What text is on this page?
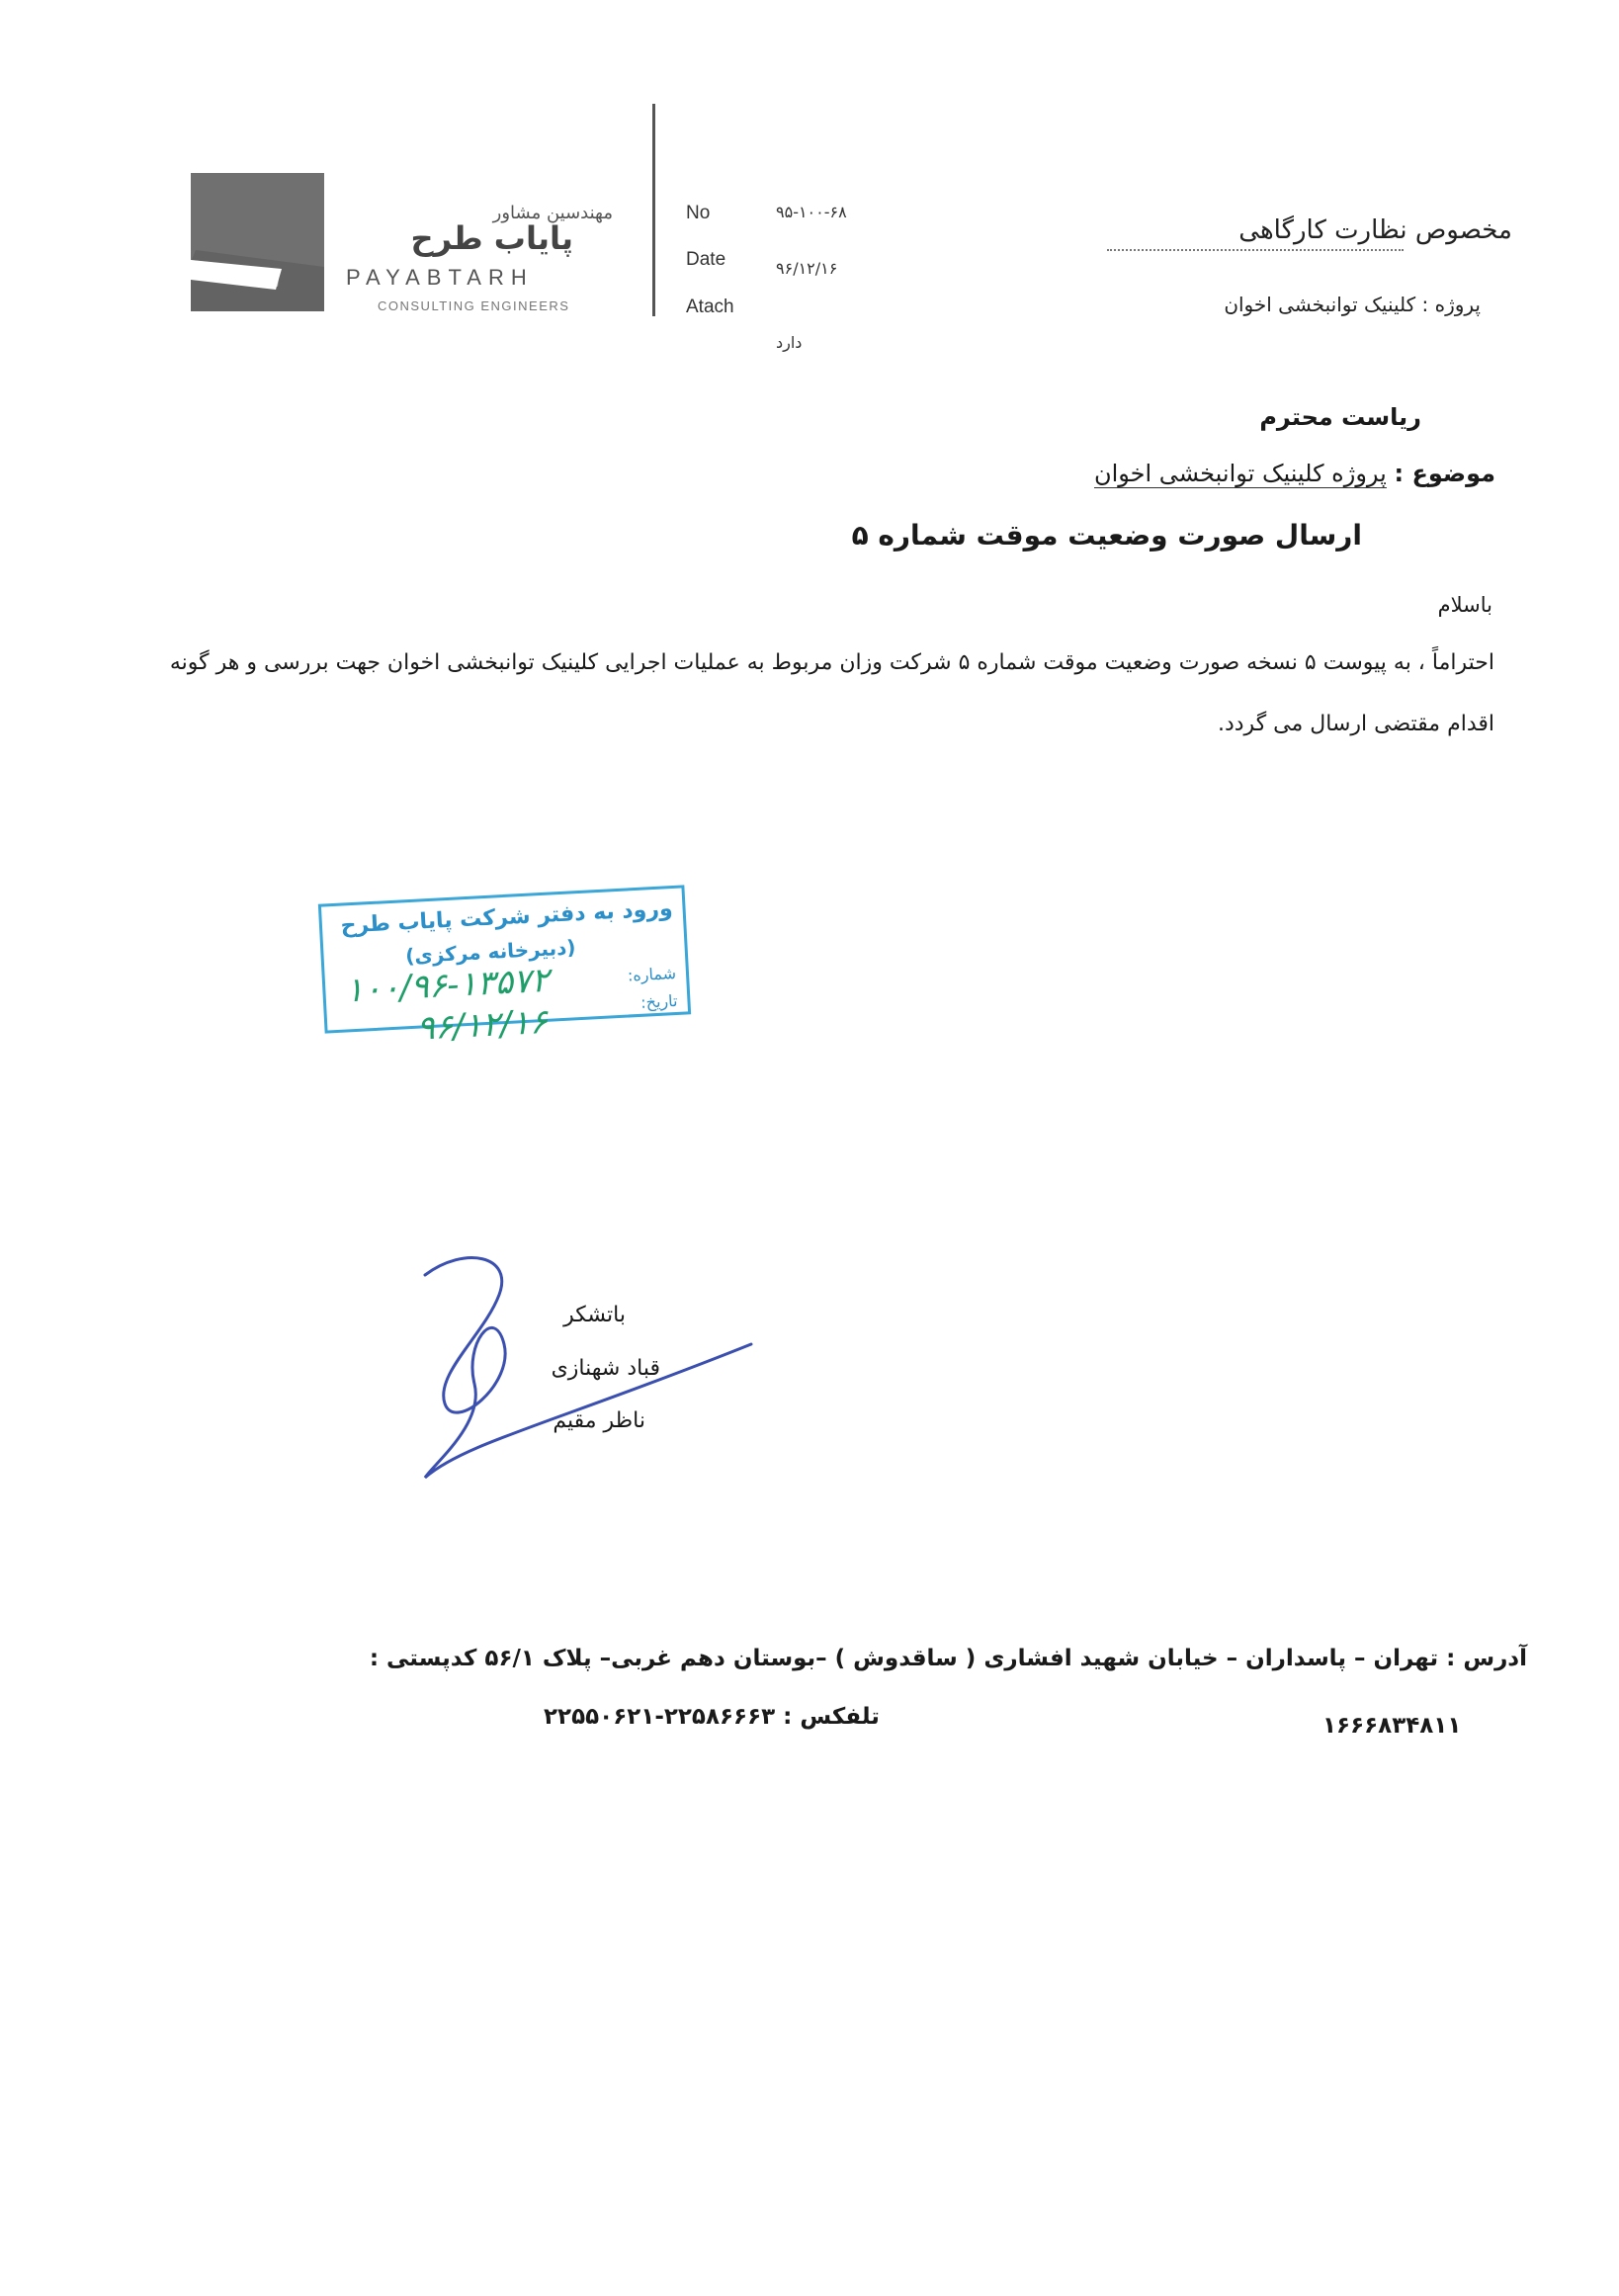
مهندسین مشاور
پایاب طرح
PAYABTARH
CONSULTING ENGINEERS
No	۹۵-۱۰۰-۶۸
Date	۹۶/۱۲/۱۶
Atach
دارد
مخصوص نظارت کارگاهی
پروژه : کلینیک توانبخشی اخوان
ریاست محترم
موضوع : پروژه کلینیک توانبخشی اخوان
ارسال صورت وضعیت موقت شماره ۵
باسلام
احتراماً ، به پیوست ۵ نسخه صورت وضعیت موقت شماره ۵ شرکت وزان مربوط به عملیات اجرایی کلینیک توانبخشی اخوان جهت بررسی و هر گونه اقدام مقتضی ارسال می گردد.
ورود به دفتر شرکت پایاب طرح
(دبیرخانه مرکزی)
شماره:
تاریخ:
۱۰۰/۹۶-۱۳۵۷۲
۹۶/۱۲/۱۶
باتشکر
قباد شهنازی
ناظر مقیم
آدرس : تهران – پاسداران – خیابان شهید افشاری ( ساقدوش ) –بوستان دهم غربی– پلاک ۵۶/۱ کدپستی :
۱۶۶۶۸۳۴۸۱۱
تلفکس : ۲۲۵۸۶۶۶۳-۲۲۵۵۰۶۲۱
